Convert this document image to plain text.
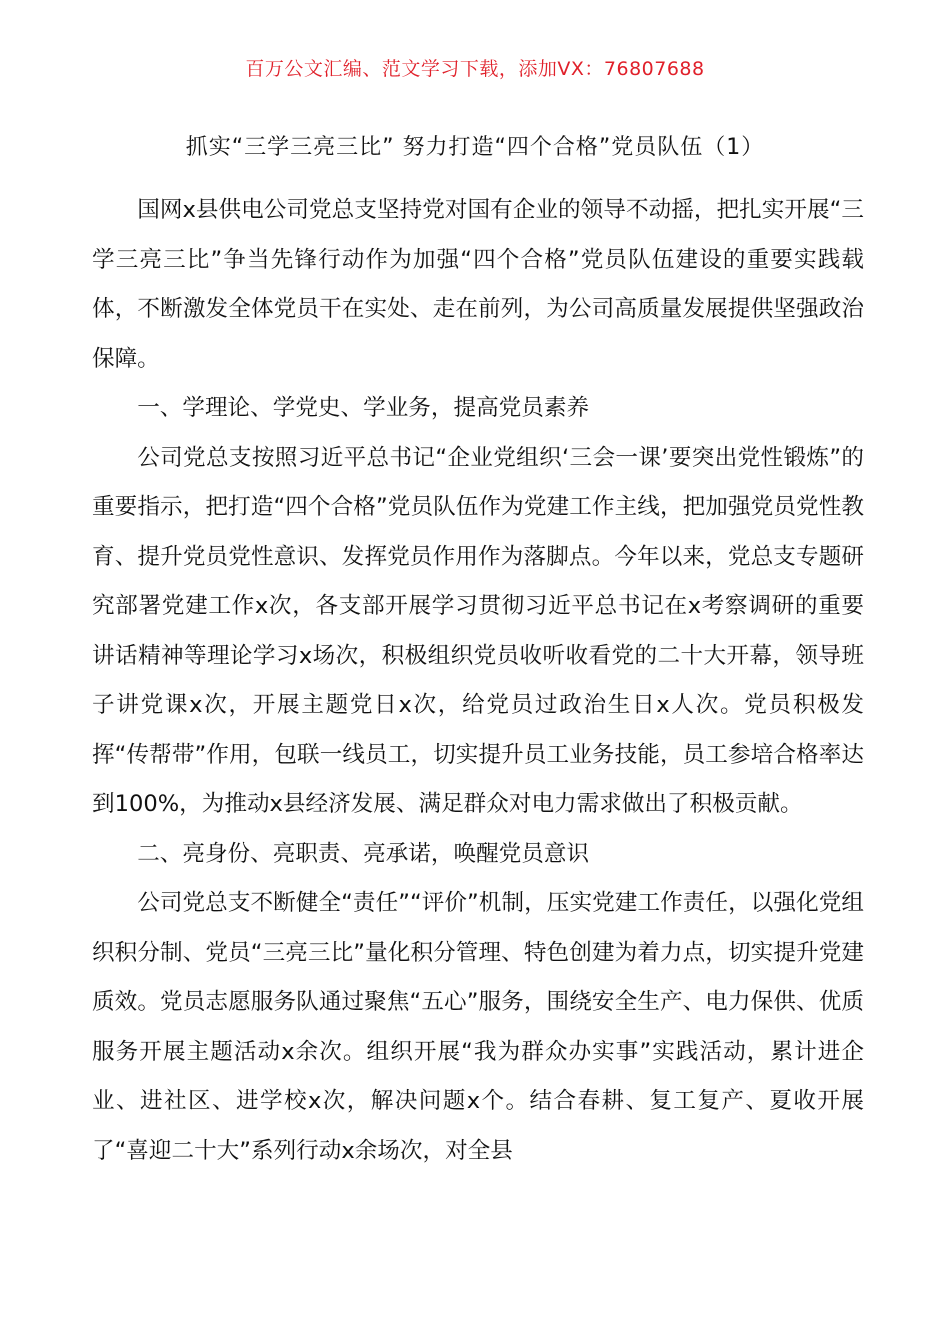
百万公文汇编、范文学习下载，添加VX：76807688
抓实“三学三亮三比” 努力打造“四个合格”党员队伍（1）

国网x县供电公司党总支坚持党对国有企业的领导不动摇，把扎实开展“三学三亮三比”争当先锋行动作为加强“四个合格”党员队伍建设的重要实践载体，不断激发全体党员干在实处、走在前列，为公司高质量发展提供坚强政治保障。

一、学理论、学党史、学业务，提高党员素养

公司党总支按照习近平总书记“企业党组织‘三会一课’要突出党性锻炼”的重要指示，把打造“四个合格”党员队伍作为党建工作主线，把加强党员党性教育、提升党员党性意识、发挥党员作用作为落脚点。今年以来，党总支专题研究部署党建工作x次，各支部开展学习贯彻习近平总书记在x考察调研的重要讲话精神等理论学习x场次，积极组织党员收听收看党的二十大开幕，领导班子讲党课x次，开展主题党日x次，给党员过政治生日x人次。党员积极发挥“传帮带”作用，包联一线员工，切实提升员工业务技能，员工参培合格率达到100%，为推动x县经济发展、满足群众对电力需求做出了积极贡献。

二、亮身份、亮职责、亮承诺，唤醒党员意识

公司党总支不断健全“责任”“评价”机制，压实党建工作责任，以强化党组织积分制、党员“三亮三比”量化积分管理、特色创建为着力点，切实提升党建质效。党员志愿服务队通过聚焦“五心”服务，围绕安全生产、电力保供、优质服务开展主题活动x余次。组织开展“我为群众办实事”实践活动，累计进企业、进社区、进学校x次，解决问题x个。结合春耕、复工复产、夏收开展了“喜迎二十大”系列行动x余场次，对全县
